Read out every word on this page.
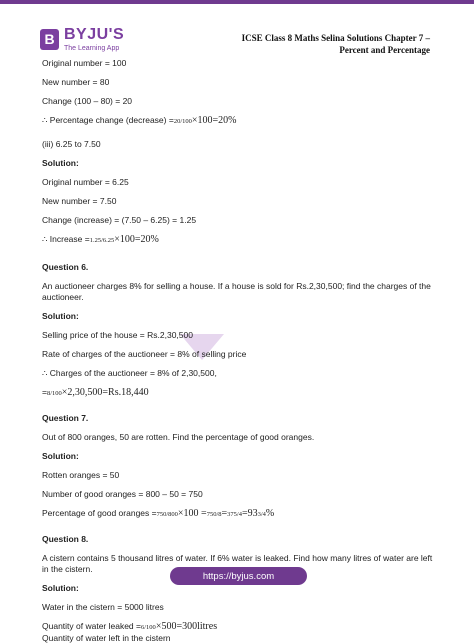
B BYJU'S
The Learning App
ICSE Class 8 Maths Selina Solutions Chapter 7 –
Percent and Percentage

Original number = 100

New number = 80

Change (100 – 80) = 20

∴ Percentage change (decrease) =20/100×100=20%

(iii) 6.25 to 7.50

Solution:

Original number = 6.25

New number = 7.50

Change (increase) = (7.50 – 6.25) = 1.25

∴ Increase =1.25/6.25×100=20%

Question 6.

An auctioneer charges 8% for selling a house. If a house is sold for Rs.2,30,500; find the charges of the auctioneer.

Solution:

Selling price of the house = Rs.2,30,500

Rate of charges of the auctioneer = 8% of selling price

∴ Charges of the auctioneer = 8% of 2,30,500,

=8/100×2,30,500=Rs.18,440

Question 7.

Out of 800 oranges, 50 are rotten. Find the percentage of good oranges.

Solution:

Rotten oranges = 50

Number of good oranges = 800 – 50 = 750

Percentage of good oranges =750/800×100 =750/8=375/4=933/4%

Question 8.

A cistern contains 5 thousand litres of water. If 6% water is leaked. Find how many litres of water are left in the cistern.

Solution:

Water in the cistern = 5000 litres

Quantity of water leaked =6/100×500=300litres

Quantity of water left in the cistern

https://byjus.com
